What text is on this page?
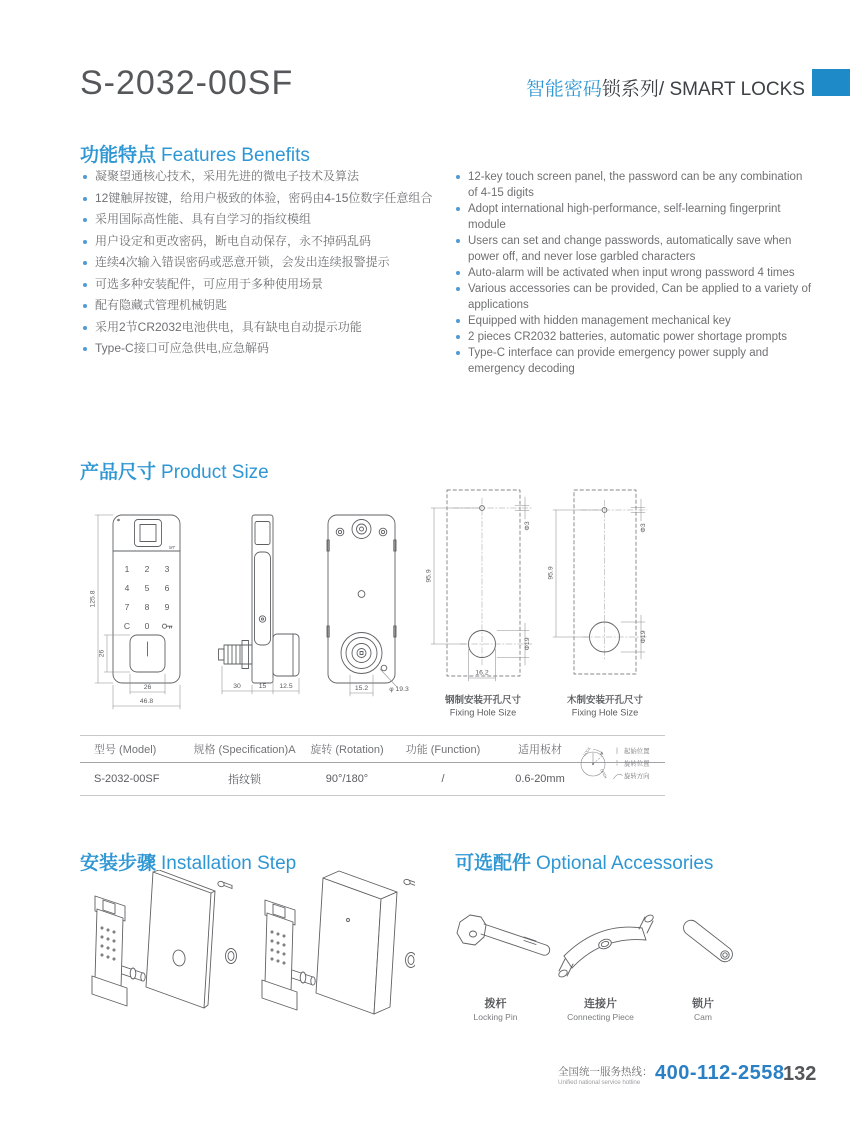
S-2032-00SF	智能密码锁系列/ SMART LOCKS
功能特点 Features Benefits
凝聚望通核心技术，采用先进的微电子技术及算法
12键触屏按键，给用户极致的体验，密码由4-15位数字任意组合
采用国际高性能、具有自学习的指纹模组
用户设定和更改密码，断电自动保存，永不掉码乱码
连续4次输入错误密码或恶意开锁，会发出连续报警提示
可选多种安装配件，可应用于多种使用场景
配有隐藏式管理机械钥匙
采用2节CR2032电池供电，具有缺电自动提示功能
Type-C接口可应急供电,应急解码
12-key touch screen panel, the password can be any combination of 4-15 digits
Adopt international high-performance, self-learning fingerprint module
Users can set and change passwords, automatically save when power off, and never lose garbled characters
Auto-alarm will be activated when input wrong password 4 times
Various accessories can be provided, Can be applied to a variety of applications
Equipped with hidden management mechanical key
2 pieces CR2032 batteries, automatic power shortage prompts
Type-C interface can provide emergency power supply and emergency decoding
产品尺寸 Product Size
MT
1 2 3
4 5 6
7 8 9
C 0
125.8
26
26
46.8
30	15 12.5	15.2	φ 19.3
Φ3
Φ19
95.9
16.2
钢制安装开孔尺寸
Fixing Hole Size
Φ3
Φ19
95.9
木制安装开孔尺寸
Fixing Hole Size
型号 (Model)	规格 (Specification)A	旋转 (Rotation)	功能 (Function)	适用板材
S-2032-00SF	指纹锁	90°/180°	/	0.6-20mm
LOCK
OPEN
起始位置
旋转位置
旋转方向
安装步骤 Installation Step	可选配件 Optional Accessories
拨杆
Locking Pin
连接片
Connecting Piece
锁片
Cam
全国统一服务热线：
Unified national service hotline 400-112-2558
132
